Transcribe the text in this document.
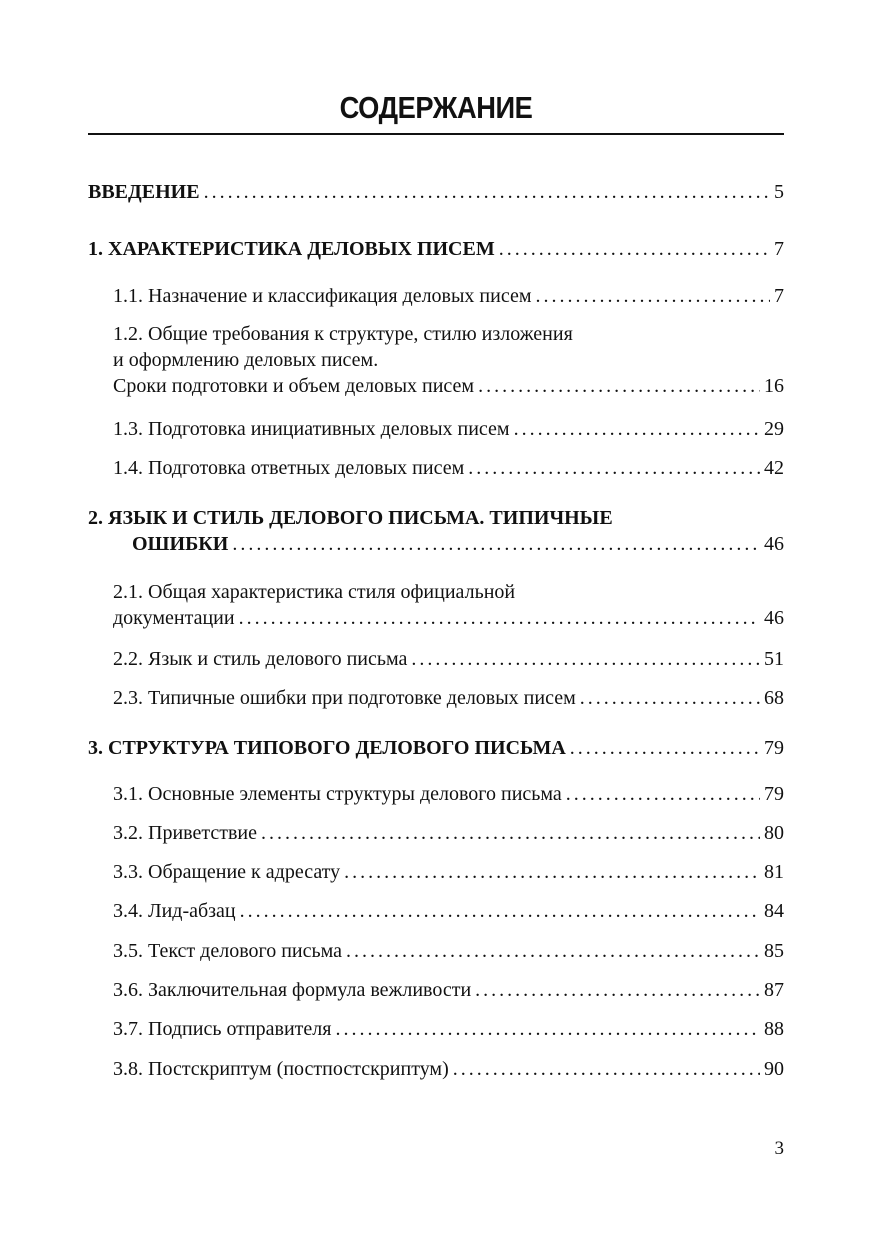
СОДЕРЖАНИЕ
ВВЕДЕНИЕ .....	5
1. ХАРАКТЕРИСТИКА ДЕЛОВЫХ ПИСЕМ .....	7
1.1. Назначение и классификация деловых писем .....	7
1.2. Общие требования к структуре, стилю изложения
и оформлению деловых писем.
Сроки подготовки и объем деловых писем .....	16
1.3. Подготовка инициативных деловых писем .....	29
1.4. Подготовка ответных деловых писем .....	42
2. ЯЗЫК И СТИЛЬ ДЕЛОВОГО ПИСЬМА. ТИПИЧНЫЕ
ОШИБКИ .....	46
2.1. Общая характеристика стиля официальной
документации .....	46
2.2. Язык и стиль делового письма .....	51
2.3. Типичные ошибки при подготовке деловых писем .....	68
3. СТРУКТУРА ТИПОВОГО ДЕЛОВОГО ПИСЬМА .....	79
3.1. Основные элементы структуры делового письма .....	79
3.2. Приветствие .....	80
3.3. Обращение к адресату .....	81
3.4. Лид-абзац .....	84
3.5. Текст делового письма .....	85
3.6. Заключительная формула вежливости .....	87
3.7. Подпись отправителя .....	88
3.8. Постскриптум (постпостскриптум) .....	90
3
